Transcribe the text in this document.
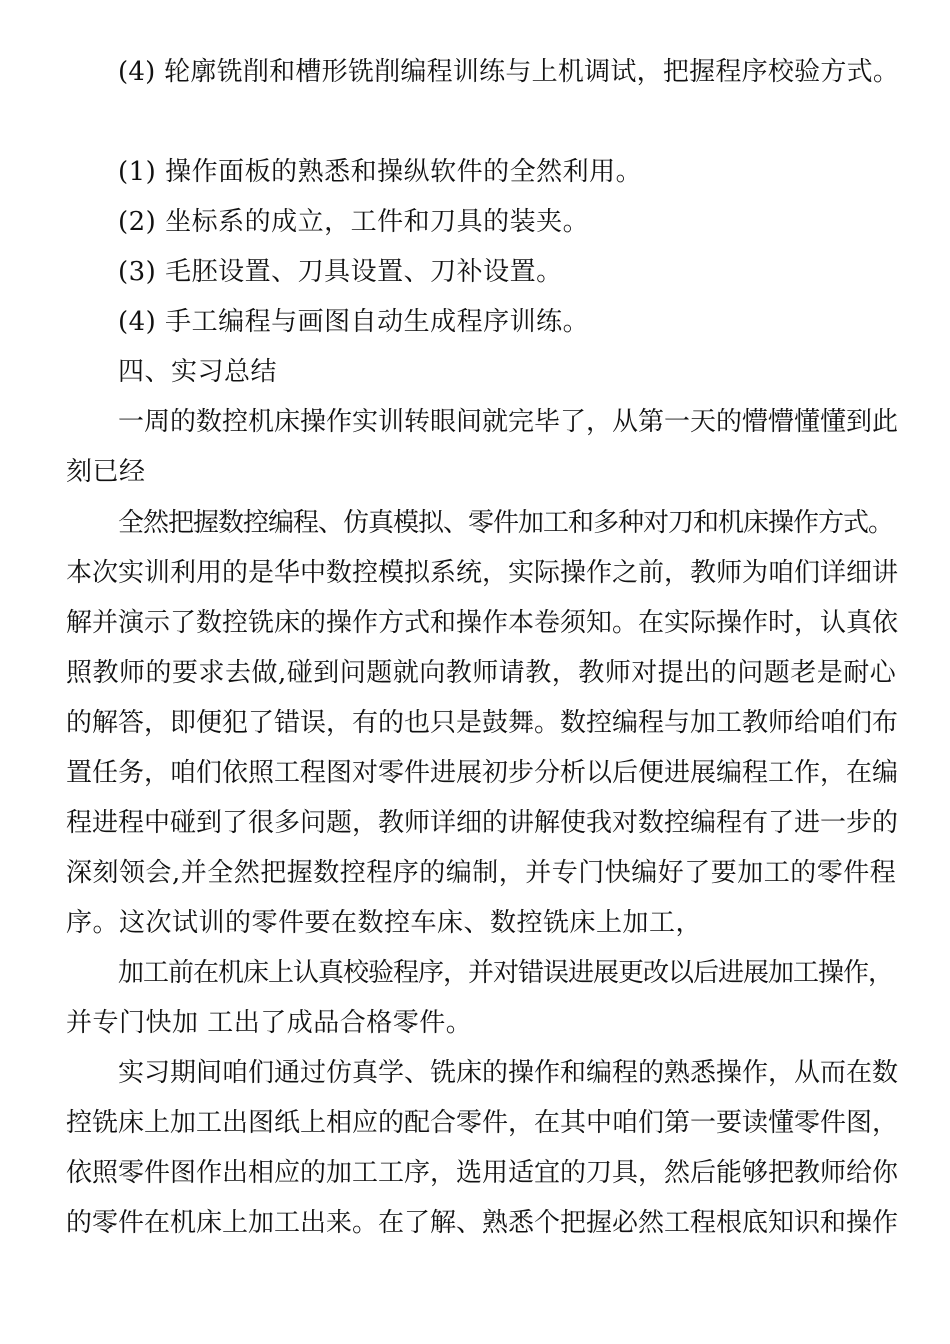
(4) 轮廓铣削和槽形铣削编程训练与上机调试，把握程序校验方式。
(1) 操作面板的熟悉和操纵软件的全然利用。
(2) 坐标系的成立，工件和刀具的装夹。
(3) 毛胚设置、刀具设置、刀补设置。
(4) 手工编程与画图自动生成程序训练。
四、实习总结
一周的数控机床操作实训转眼间就完毕了，从第一天的懵懵懂懂到此
刻已经
全然把握数控编程、仿真模拟、零件加工和多种对刀和机床操作方式。
本次实训利用的是华中数控模拟系统，实际操作之前，教师为咱们详细讲
解并演示了数控铣床的操作方式和操作本卷须知。在实际操作时，认真依
照教师的要求去做,碰到问题就向教师请教，教师对提出的问题老是耐心
的解答，即便犯了错误，有的也只是鼓舞。数控编程与加工教师给咱们布
置任务，咱们依照工程图对零件进展初步分析以后便进展编程工作，在编
程进程中碰到了很多问题，教师详细的讲解使我对数控编程有了进一步的
深刻领会,并全然把握数控程序的编制，并专门快编好了要加工的零件程
序。这次试训的零件要在数控车床、数控铣床上加工，
加工前在机床上认真校验程序，并对错误进展更改以后进展加工操作，
并专门快加 工出了成品合格零件。
实习期间咱们通过仿真学、铣床的操作和编程的熟悉操作，从而在数
控铣床上加工出图纸上相应的配合零件，在其中咱们第一要读懂零件图，
依照零件图作出相应的加工工序，选用适宜的刀具，然后能够把教师给你
的零件在机床上加工出来。在了解、熟悉个把握必然工程根底知识和操作
